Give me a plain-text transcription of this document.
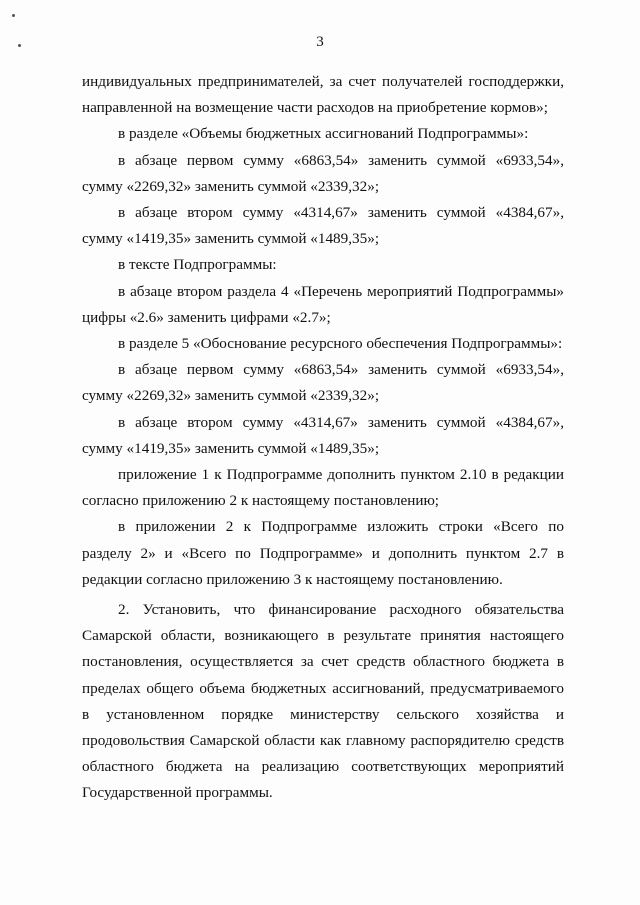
3

индивидуальных предпринимателей, за счет получателей господдержки, направленной на возмещение части расходов на приобретение кормов»;

в разделе «Объемы бюджетных ассигнований Подпрограммы»:

в абзаце первом сумму «6863,54» заменить суммой «6933,54», сумму «2269,32» заменить суммой «2339,32»;

в абзаце втором сумму «4314,67» заменить суммой «4384,67», сумму «1419,35» заменить суммой «1489,35»;

в тексте Подпрограммы:

в абзаце втором раздела 4 «Перечень мероприятий Подпрограммы» цифры «2.6» заменить цифрами «2.7»;

в разделе 5 «Обоснование ресурсного обеспечения Подпрограммы»:

в абзаце первом сумму «6863,54» заменить суммой «6933,54», сумму «2269,32» заменить суммой «2339,32»;

в абзаце втором сумму «4314,67» заменить суммой «4384,67», сумму «1419,35» заменить суммой «1489,35»;

приложение 1 к Подпрограмме дополнить пунктом 2.10 в редакции согласно приложению 2 к настоящему постановлению;

в приложении 2 к Подпрограмме изложить строки «Всего по разделу 2» и «Всего по Подпрограмме» и дополнить пунктом 2.7 в редакции согласно приложению 3 к настоящему постановлению.

2. Установить, что финансирование расходного обязательства Самарской области, возникающего в результате принятия настоящего постановления, осуществляется за счет средств областного бюджета в пределах общего объема бюджетных ассигнований, предусматриваемого в установленном порядке министерству сельского хозяйства и продовольствия Самарской области как главному распорядителю средств областного бюджета на реализацию соответствующих мероприятий Государственной программы.
